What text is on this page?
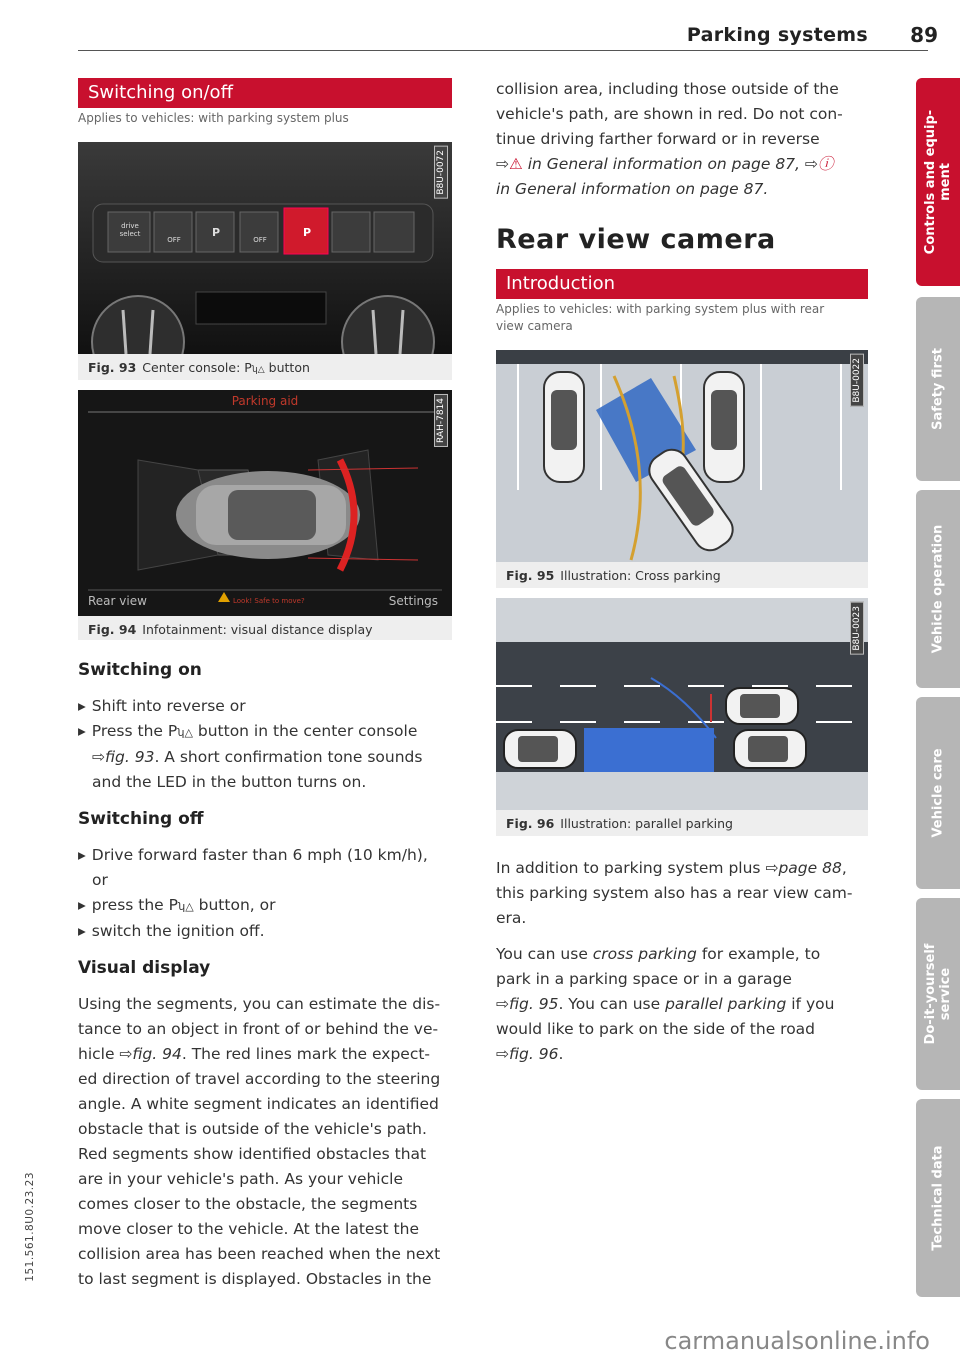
Parking systems 89
Switching on/off
Applies to vehicles: with parking system plus
drive select
OFF
P
OFF
P
B8U-0072
Fig. 93 Center console: Pʮ△ button
Parking aid
Rear view	Look! Safe to move?	Settings
RAH-7814
Fig. 94 Infotainment: visual distance display
Switching on
▸ Shift into reverse or
▸ Press the Pʮ△ button in the center console
⇨fig. 93. A short confirmation tone sounds
and the LED in the button turns on.
Switching off
▸ Drive forward faster than 6 mph (10 km/h),
or
▸ press the Pʮ△ button, or
▸ switch the ignition off.
Visual display
Using the segments, you can estimate the dis-
tance to an object in front of or behind the ve-
hicle ⇨fig. 94. The red lines mark the expect-
ed direction of travel according to the steering
angle. A white segment indicates an identified
obstacle that is outside of the vehicle's path.
Red segments show identified obstacles that
are in your vehicle's path. As your vehicle
comes closer to the obstacle, the segments
move closer to the vehicle. At the latest the
collision area has been reached when the next
to last segment is displayed. Obstacles in the
collision area, including those outside of the
vehicle's path, are shown in red. Do not con-
tinue driving farther forward or in reverse
⇨⚠ in General information on page 87, ⇨ⓘ
in General information on page 87.
Rear view camera
Introduction
Applies to vehicles: with parking system plus with rear
view camera
B8U-0022
Fig. 95 Illustration: Cross parking
B8U-0023
Fig. 96 Illustration: parallel parking
In addition to parking system plus ⇨page 88,
this parking system also has a rear view cam-
era.
You can use cross parking for example, to
park in a parking space or in a garage
⇨fig. 95. You can use parallel parking if you
would like to park on the side of the road
⇨fig. 96.
Controls and equip-
ment
Safety first
Vehicle operation
Vehicle care
Do-it-yourself
service
Technical data
151.561.8U0.23.23
carmanualsonline.info
